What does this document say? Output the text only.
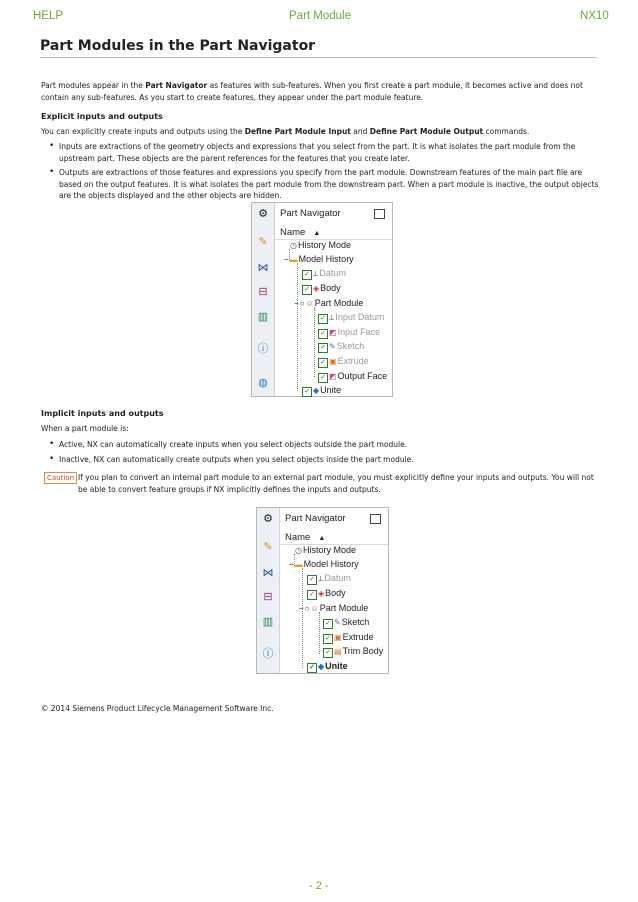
HELP	Part Module	NX10
Part Modules in the Part Navigator
Part modules appear in the Part Navigator as features with sub-features. When you first create a part module, it becomes active and does not contain any sub-features. As you start to create features, they appear under the part module feature.
Explicit inputs and outputs
You can explicitly create inputs and outputs using the Define Part Module Input and Define Part Module Output commands.
• Inputs are extractions of the geometry objects and expressions that you select from the part. It is what isolates the part module from the upstream part. These objects are the parent references for the features that you create later.
• Outputs are extractions of those features and expressions you specify from the part module. Downstream features of the main part file are based on the output features. It is what isolates the part module from the downstream part. When a part module is inactive, the output objects are the objects displayed and the other objects are hidden.
⚙
✎
⋈
⊟
▥
ⓘ
◍
Part Navigator
Name ▲
◷History Mode
−▬Model History
✓ ⟂Datum
✓ ◈Body
−○☺Part Module
✓ ⟂Input Datum
✓ ◩Input Face
✓ ✎Sketch
✓ ▣Extrude
✓ ◩Output Face
✓ ◆Unite
Implicit inputs and outputs
When a part module is:
• Active, NX can automatically create inputs when you select objects outside the part module.
• Inactive, NX can automatically create outputs when you select objects inside the part module.
Caution If you plan to convert an internal part module to an external part module, you must explicitly define your inputs and outputs. You will not be able to convert feature groups if NX implicitly defines the inputs and outputs.
⚙
✎
⋈
⊟
▥
ⓘ
Part Navigator
Name ▲
◷History Mode
−▬Model History
✓ ⟂Datum
✓ ◈Body
−○☺Part Module
✓ ✎Sketch
✓ ▣Extrude
✓ ▤Trim Body
✓ ◆Unite
© 2014 Siemens Product Lifecycle Management Software Inc.
- 2 -
